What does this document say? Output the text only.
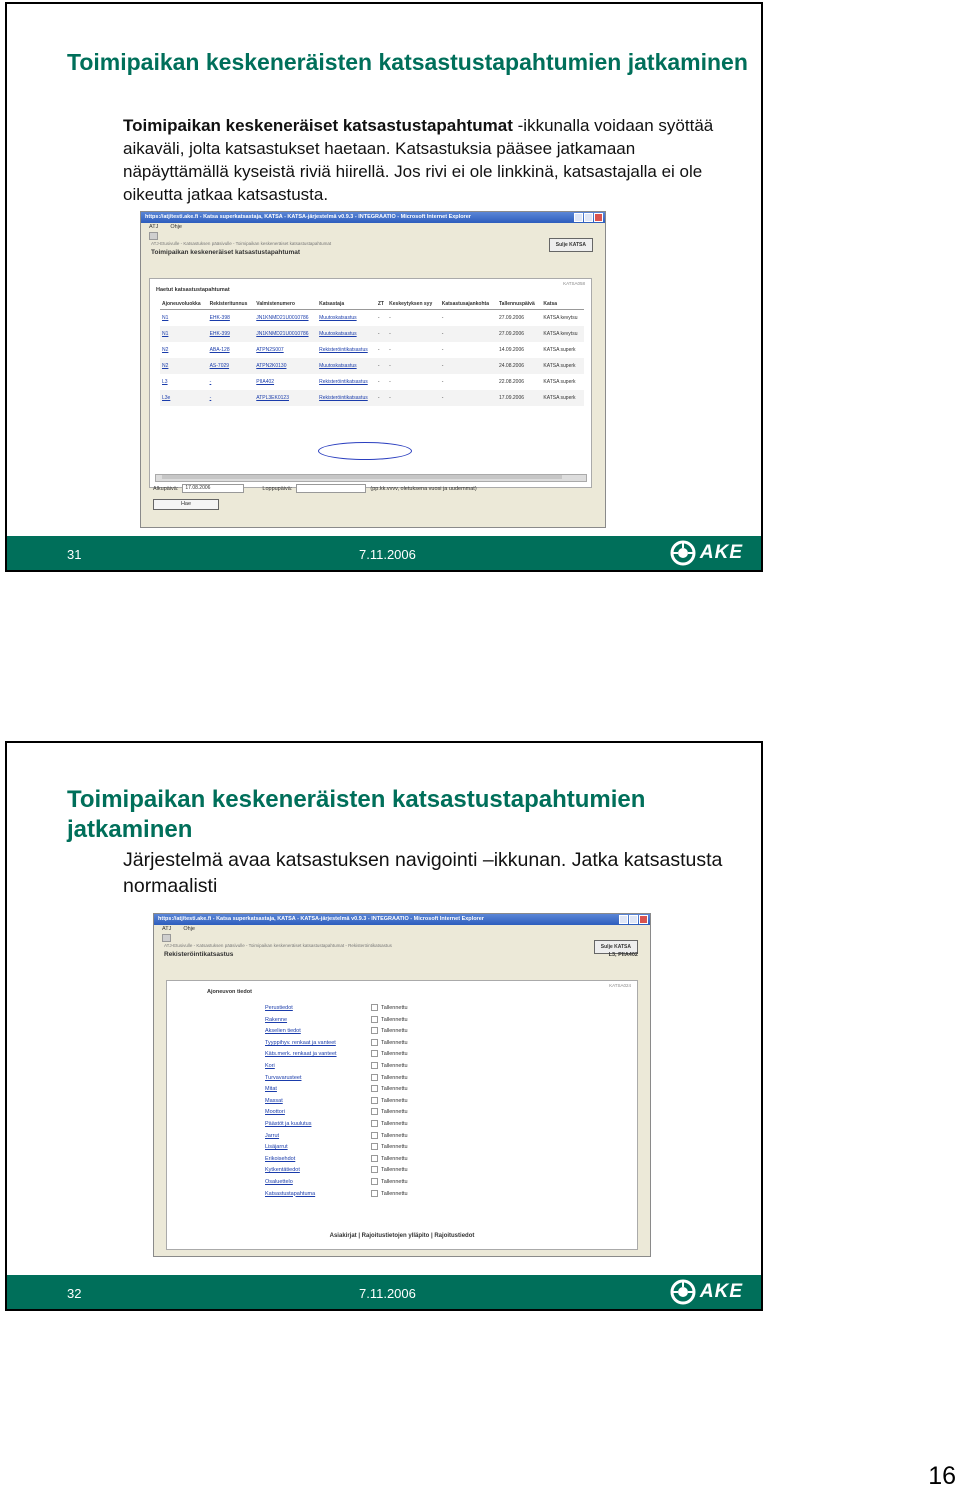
Toimipaikan keskeneräisten katsastustapahtumien jatkaminen
Toimipaikan keskeneräiset katsastustapahtumat -ikkunalla voidaan syöttää aikaväli, jolta katsastukset haetaan. Katsastuksia pääsee jatkamaan näpäyttämällä kyseistä riviä hiirellä. Jos rivi ei ole linkkinä, katsastajalla ei ole oikeutta jatkaa katsastusta.
https://atj/testi.ake.fi - Katsa superkatsastaja, KATSA - KATSA-järjestelmä v0.9.3 - INTEGRAATIO - Microsoft Internet Explorer
ATJ Ohje
ATJ-Etusivulle - Katsastuksen pääsivulle - Toimipaikan keskeneräiset katsastustapahtumat
Toimipaikan keskeneräiset katsastustapahtumat
Sulje KATSA
KATSA058
Haetut katsastustapahtumat
Ajoneuvoluokka	Rekisteritunnus	Valmistenumero	Katsastaja	ZT	Keskeytyksen syy	Katsastusajankohta	Tallennuspäivä	Katsa
N1	EHK-398	JN1KNMD21U0010786	Muutoskatsastus	-	-	-	27.09.2006	KATSA kevytsu
N1	EHK-399	JN1KNMD21U0010786	Muutoskatsastus	-	-	-	27.09.2006	KATSA kevytsu
N2	ABA-128	ATPN2S007	Rekisteröintikatsastus	-	-	-	14.09.2006	KATSA superk
N2	AS-7029	ATPN2K0130	Muutoskatsastus	-	-	-	24.08.2006	KATSA superk
L3	-	PIIA402	Rekisteröintikatsastus	-	-	-	22.08.2006	KATSA superk
L3e	-	ATPL3EK0123	Rekisteröintikatsastus	-	-	-	17.09.2006	KATSA superk
Alkupäivä:	17.08.2006	Loppupäivä:	(pp.kk.vvvv, oletuksena vuosi ja uudemmat)
Hae
31	7.11.2006	AKE
Toimipaikan keskeneräisten katsastustapahtumien jatkaminen
Järjestelmä avaa katsastuksen navigointi –ikkunan. Jatka katsastusta normaalisti
https://atj/testi.ake.fi - Katsa superkatsastaja, KATSA - KATSA-järjestelmä v0.9.3 - INTEGRAATIO - Microsoft Internet Explorer
ATJ Ohje
ATJ-Etusivulle - Katsastuksen pääsivulle - Toimipaikan keskeneräiset katsastustapahtumat - Rekisteröintikatsastus
Rekisteröintikatsastus
Sulje KATSA
L3, PIIA402
KATSA024
Ajoneuvon tiedot
Perustiedot	Tallennettu
Rakenne	Tallennettu
Akselien tiedot	Tallennettu
Tyyppihyv. renkaat ja vanteet	Tallennettu
Käts.merk. renkaat ja vanteet	Tallennettu
Kori	Tallennettu
Turvavarusteet	Tallennettu
Mitat	Tallennettu
Massat	Tallennettu
Moottori	Tallennettu
Päästöt ja kuulutus	Tallennettu
Jarrut	Tallennettu
Lisäjarrut	Tallennettu
Erikoisehdot	Tallennettu
Kytkentätiedot	Tallennettu
Osaluettelo	Tallennettu
Katsastustapahtuma	Tallennettu
Asiakirjat | Rajoitustietojen ylläpito | Rajoitustiedot
32	7.11.2006	AKE
16
